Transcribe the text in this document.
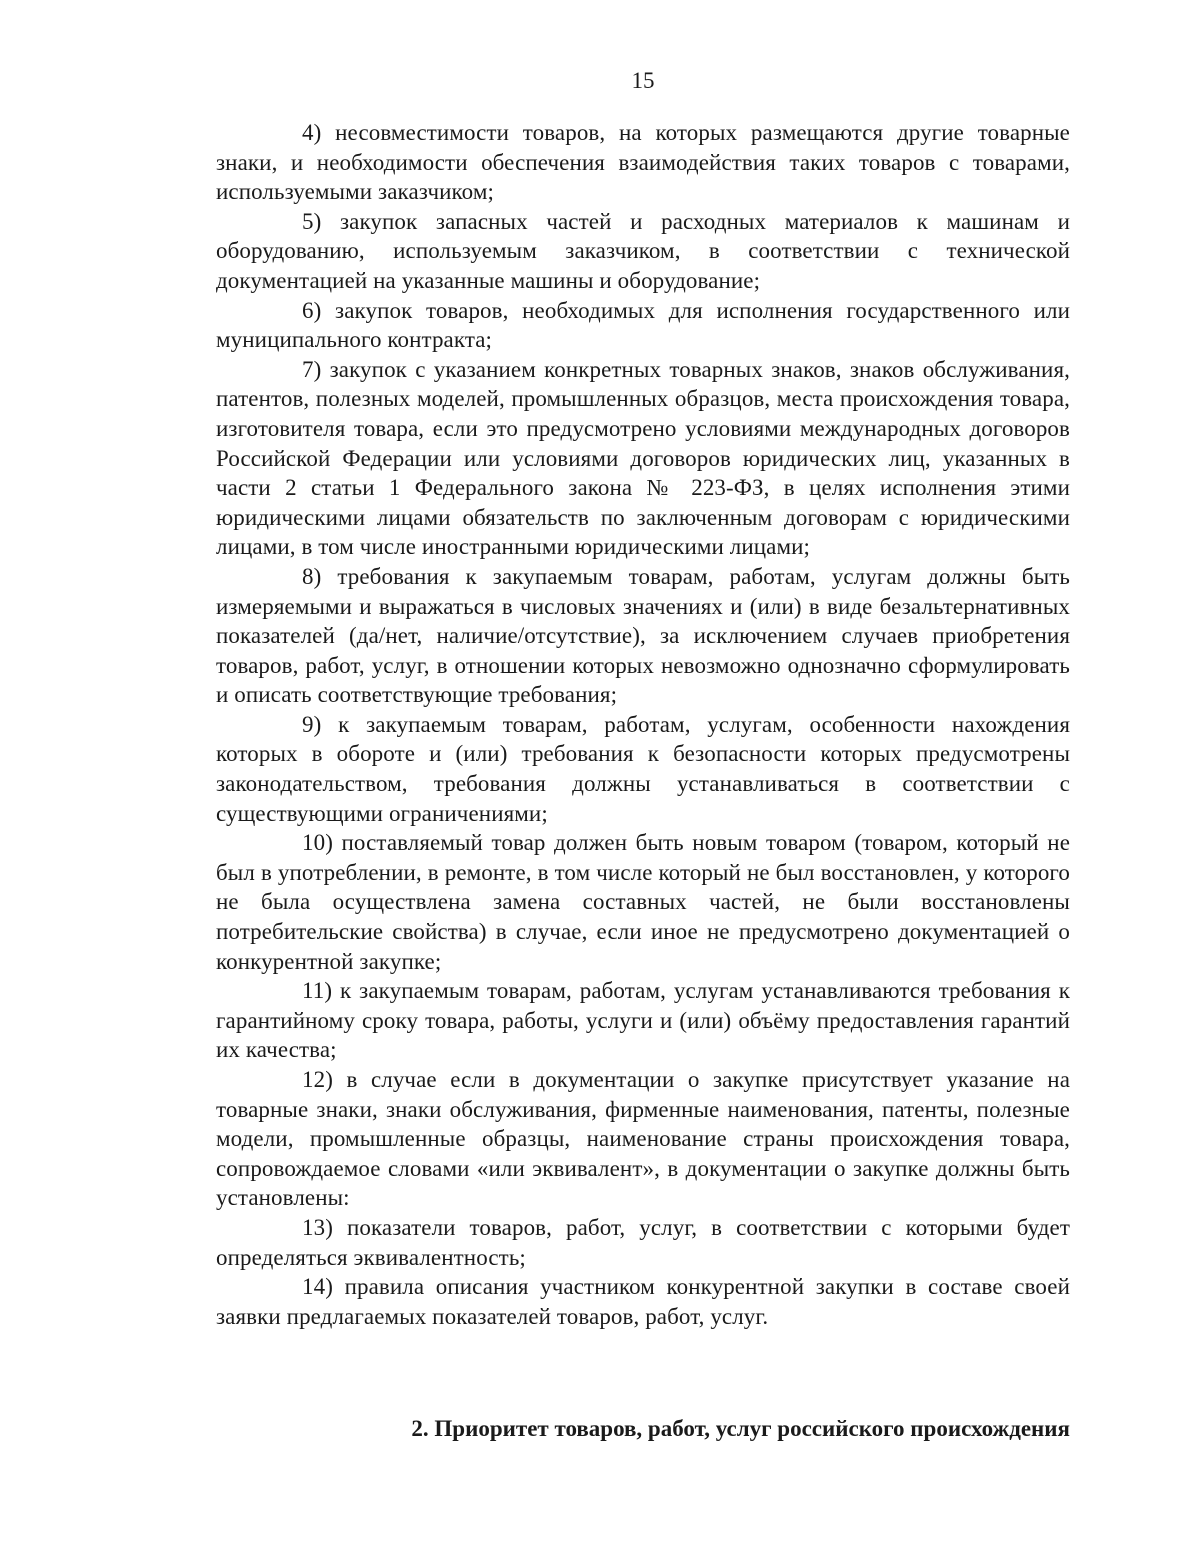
15

4) несовместимости товаров, на которых размещаются другие товарные знаки, и необходимости обеспечения взаимодействия таких товаров с товарами, используемыми заказчиком;

5) закупок запасных частей и расходных материалов к машинам и оборудованию, используемым заказчиком, в соответствии с технической документацией на указанные машины и оборудование;

6) закупок товаров, необходимых для исполнения государственного или муниципального контракта;

7) закупок с указанием конкретных товарных знаков, знаков обслуживания, патентов, полезных моделей, промышленных образцов, места происхождения товара, изготовителя товара, если это предусмотрено условиями международных договоров Российской Федерации или условиями договоров юридических лиц, указанных в части 2 статьи 1 Федерального закона № 223-ФЗ, в целях исполнения этими юридическими лицами обязательств по заключенным договорам с юридическими лицами, в том числе иностранными юридическими лицами;

8) требования к закупаемым товарам, работам, услугам должны быть измеряемыми и выражаться в числовых значениях и (или) в виде безальтернативных показателей (да/нет, наличие/отсутствие), за исключением случаев приобретения товаров, работ, услуг, в отношении которых невозможно однозначно сформулировать и описать соответствующие требования;

9) к закупаемым товарам, работам, услугам, особенности нахождения которых в обороте и (или) требования к безопасности которых предусмотрены законодательством, требования должны устанавливаться в соответствии с существующими ограничениями;

10) поставляемый товар должен быть новым товаром (товаром, который не был в употреблении, в ремонте, в том числе который не был восстановлен, у которого не была осуществлена замена составных частей, не были восстановлены потребительские свойства) в случае, если иное не предусмотрено документацией о конкурентной закупке;

11) к закупаемым товарам, работам, услугам устанавливаются требования к гарантийному сроку товара, работы, услуги и (или) объёму предоставления гарантий их качества;

12) в случае если в документации о закупке присутствует указание на товарные знаки, знаки обслуживания, фирменные наименования, патенты, полезные модели, промышленные образцы, наименование страны происхождения товара, сопровождаемое словами «или эквивалент», в документации о закупке должны быть установлены:

13) показатели товаров, работ, услуг, в соответствии с которыми будет определяться эквивалентность;

14) правила описания участником конкурентной закупки в составе своей заявки предлагаемых показателей товаров, работ, услуг.

2. Приоритет товаров, работ, услуг российского происхождения
